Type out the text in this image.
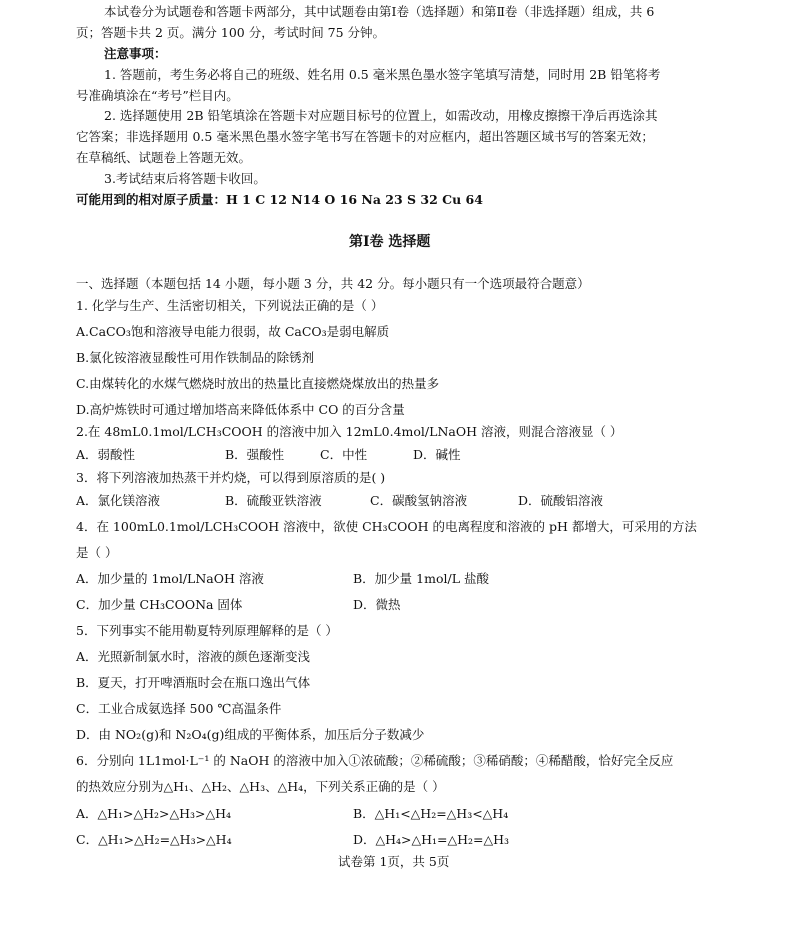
本试卷分为试题卷和答题卡两部分，其中试题卷由第Ⅰ卷（选择题）和第Ⅱ卷（非选择题）组成，共 6
页；答题卡共 2 页。满分 100 分，考试时间 75 分钟。
注意事项：
1. 答题前，考生务必将自己的班级、姓名用 0.5 毫米黑色墨水签字笔填写清楚，同时用 2B 铅笔将考
号准确填涂在“考号”栏目内。
2. 选择题使用 2B 铅笔填涂在答题卡对应题目标号的位置上，如需改动，用橡皮擦擦干净后再选涂其
它答案；非选择题用 0.5 毫米黑色墨水签字笔书写在答题卡的对应框内，超出答题区域书写的答案无效；
在草稿纸、试题卷上答题无效。
3.考试结束后将答题卡收回。
可能用到的相对原子质量：H 1 C 12 N14 O 16 Na 23 S 32 Cu 64
第Ⅰ卷 选择题
一、选择题（本题包括 14 小题，每小题 3 分，共 42 分。每小题只有一个选项最符合题意）
1. 化学与生产、生活密切相关，下列说法正确的是（ ）
A.CaCO₃饱和溶液导电能力很弱，故 CaCO₃是弱电解质
B.氯化铵溶液显酸性可用作铁制品的除锈剂
C.由煤转化的水煤气燃烧时放出的热量比直接燃烧煤放出的热量多
D.高炉炼铁时可通过增加塔高来降低体系中 CO 的百分含量
2.在 48mL0.1mol/LCH₃COOH 的溶液中加入 12mL0.4mol/LNaOH 溶液，则混合溶液显（ ）
A．弱酸性	B．强酸性	C．中性	D．碱性
3．将下列溶液加热蒸干并灼烧，可以得到原溶质的是( )
A．氯化镁溶液	B．硫酸亚铁溶液	C．碳酸氢钠溶液	D．硫酸铝溶液
4．在 100mL0.1mol/LCH₃COOH 溶液中，欲使 CH₃COOH 的电离程度和溶液的 pH 都增大，可采用的方法
是（ ）
A．加少量的 1mol/LNaOH 溶液	B．加少量 1mol/L 盐酸
C．加少量 CH₃COONa 固体	D．微热
5．下列事实不能用勒夏特列原理解释的是（ ）
A．光照新制氯水时，溶液的颜色逐渐变浅
B．夏天，打开啤酒瓶时会在瓶口逸出气体
C．工业合成氨选择 500 ℃高温条件
D．由 NO₂(g)和 N₂O₄(g)组成的平衡体系，加压后分子数减少
6．分别向 1L1mol·L⁻¹ 的 NaOH 的溶液中加入①浓硫酸；②稀硫酸；③稀硝酸；④稀醋酸，恰好完全反应
的热效应分别为△H₁、△H₂、△H₃、△H₄，下列关系正确的是（ ）
A．△H₁>△H₂>△H₃>△H₄	B．△H₁<△H₂=△H₃<△H₄
C．△H₁>△H₂=△H₃>△H₄	D．△H₄>△H₁=△H₂=△H₃
试卷第 1页，共 5页
